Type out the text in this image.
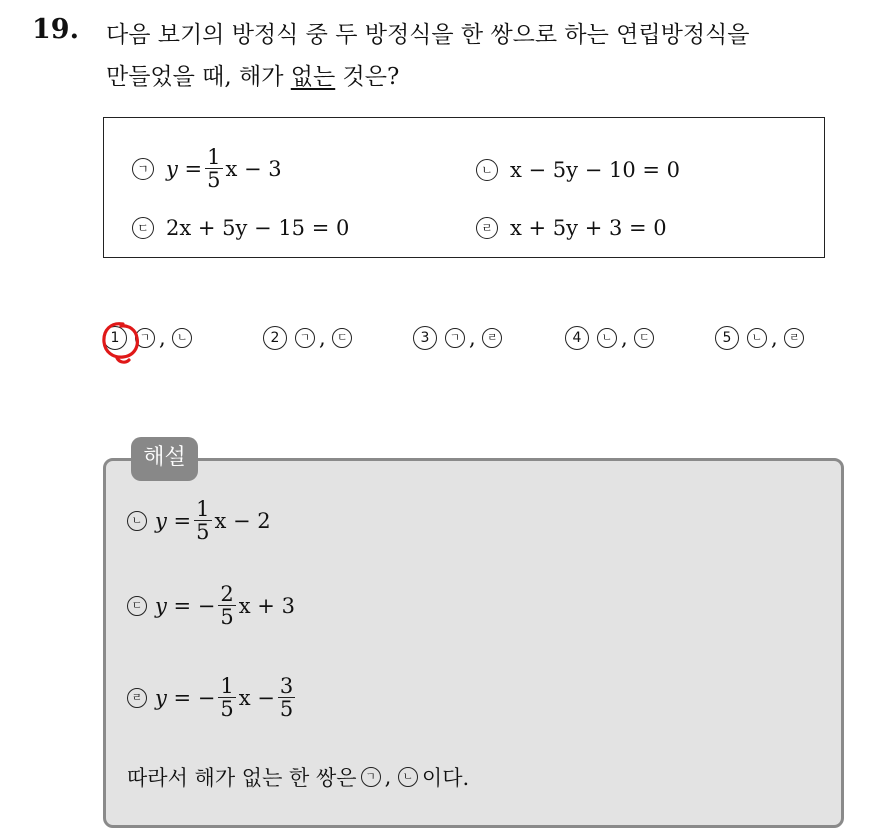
19. 다음 보기의 방정식 중 두 방정식을 한 쌍으로 하는 연립방정식을
만들었을 때, 해가 없는 것은?
ㄱ $y = \frac{1}{5}$ x − 3	ㄴ x − 5y − 10 = 0
ㄷ 2x + 5y − 15 = 0	ㄹ x + 5y + 3 = 0
1	ㄱ , ㄴ	2	ㄱ , ㄷ	3	ㄱ , ㄹ	4	ㄴ , ㄷ	5	ㄴ , ㄹ
해설
ㄴ $y = \frac{1}{5}$ x − 2
ㄷ y = − $\frac{2}{5}$ x + 3
ㄹ y = − $\frac{1}{5}$ $x - \frac{3}{5}$
따라서 해가 없는 한 쌍은 ㄱ , ㄴ 이다.
